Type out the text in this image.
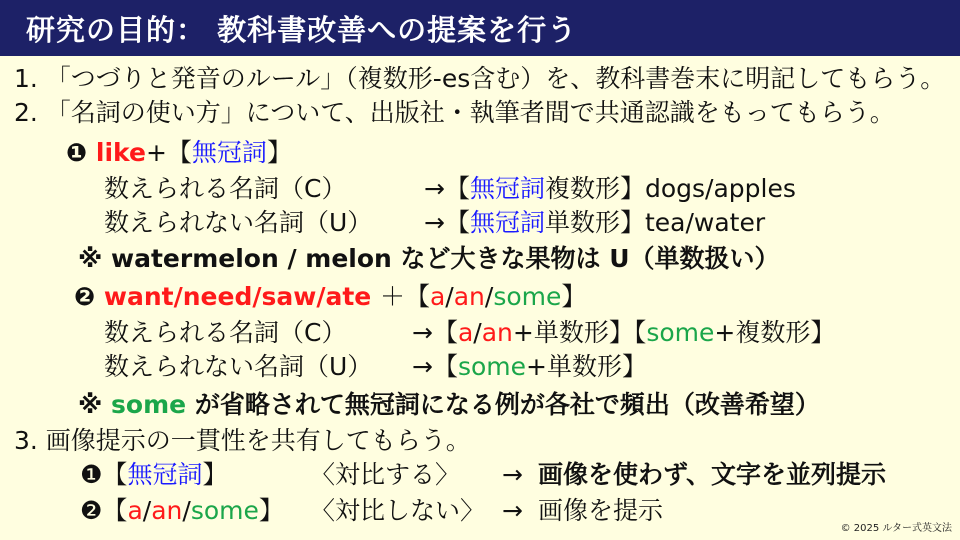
研究の目的： 教科書改善への提案を行う
1. 「つづりと発音のルール」（複数形-es含む）を、教科書巻末に明記してもらう。
2. 「名詞の使い方」について、出版社・執筆者間で共通認識をもってもらう。
❶ like+【無冠詞】
数えられる名詞（C）	→【無冠詞複数形】dogs/apples
数えられない名詞（U） →【無冠詞単数形】tea/water
※ watermelon / melon など大きな果物は U（単数扱い）
❷ want/need/saw/ate ＋【a/an/some】
数えられる名詞（C）	→【a/an+単数形】【some+複数形】
数えられない名詞（U） →【some+単数形】
※ some が省略されて無冠詞になる例が各社で頻出（改善希望）
3. 画像提示の一貫性を共有してもらう。
❶【無冠詞】	〈対比する〉 → 画像を使わず、文字を並列提示
❷【a/an/some】 〈対比しない〉 → 画像を提示
© 2025 ルター式英文法
